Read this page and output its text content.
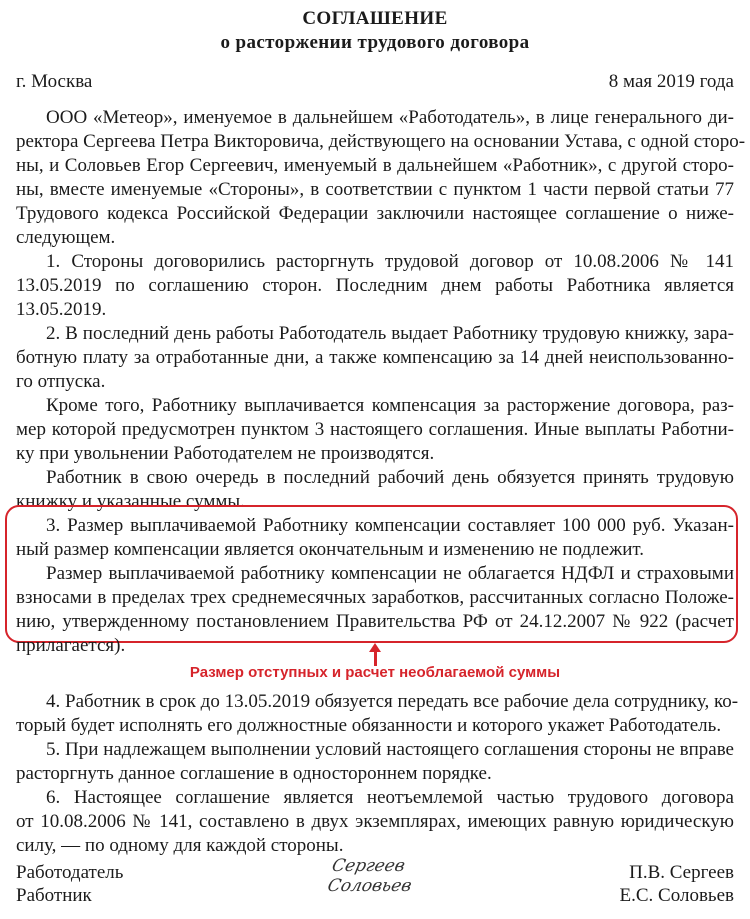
СОГЛАШЕНИЕ
о расторжении трудового договора
г. Москва	8 мая 2019 года
ООО «Метеор», именуемое в дальнейшем «Работодатель», в лице генерального ди-
ректора Сергеева Петра Викторовича, действующего на основании Устава, с одной сторо-
ны, и Соловьев Егор Сергеевич, именуемый в дальнейшем «Работник», с другой сторо-
ны, вместе именуемые «Стороны», в соответствии с пунктом 1 части первой статьи 77
Трудового кодекса Российской Федерации заключили настоящее соглашение о ниже-
следующем.
1. Стороны договорились расторгнуть трудовой договор от 10.08.2006 № 141
13.05.2019 по соглашению сторон. Последним днем работы Работника является
13.05.2019.
2. В последний день работы Работодатель выдает Работнику трудовую книжку, зара-
ботную плату за отработанные дни, а также компенсацию за 14 дней неиспользованно-
го отпуска.
Кроме того, Работнику выплачивается компенсация за расторжение договора, раз-
мер которой предусмотрен пунктом 3 настоящего соглашения. Иные выплаты Работни-
ку при увольнении Работодателем не производятся.
Работник в свою очередь в последний рабочий день обязуется принять трудовую
книжку и указанные суммы.
3. Размер выплачиваемой Работнику компенсации составляет 100 000 руб. Указан-
ный размер компенсации является окончательным и изменению не подлежит.
Размер выплачиваемой работнику компенсации не облагается НДФЛ и страховыми
взносами в пределах трех среднемесячных заработков, рассчитанных согласно Положе-
нию, утвержденному постановлением Правительства РФ от 24.12.2007 № 922 (расчет
прилагается).
Размер отступных и расчет необлагаемой суммы
4. Работник в срок до 13.05.2019 обязуется передать все рабочие дела сотруднику, ко-
торый будет исполнять его должностные обязанности и которого укажет Работодатель.
5. При надлежащем выполнении условий настоящего соглашения стороны не вправе
расторгнуть данное соглашение в одностороннем порядке.
6. Настоящее соглашение является неотъемлемой частью трудового договора
от 10.08.2006 № 141, составлено в двух экземплярах, имеющих равную юридическую
силу, — по одному для каждой стороны.
Работодатель
Работник
Сергеев
Соловьев
П.В. Сергеев
Е.С. Соловьев
